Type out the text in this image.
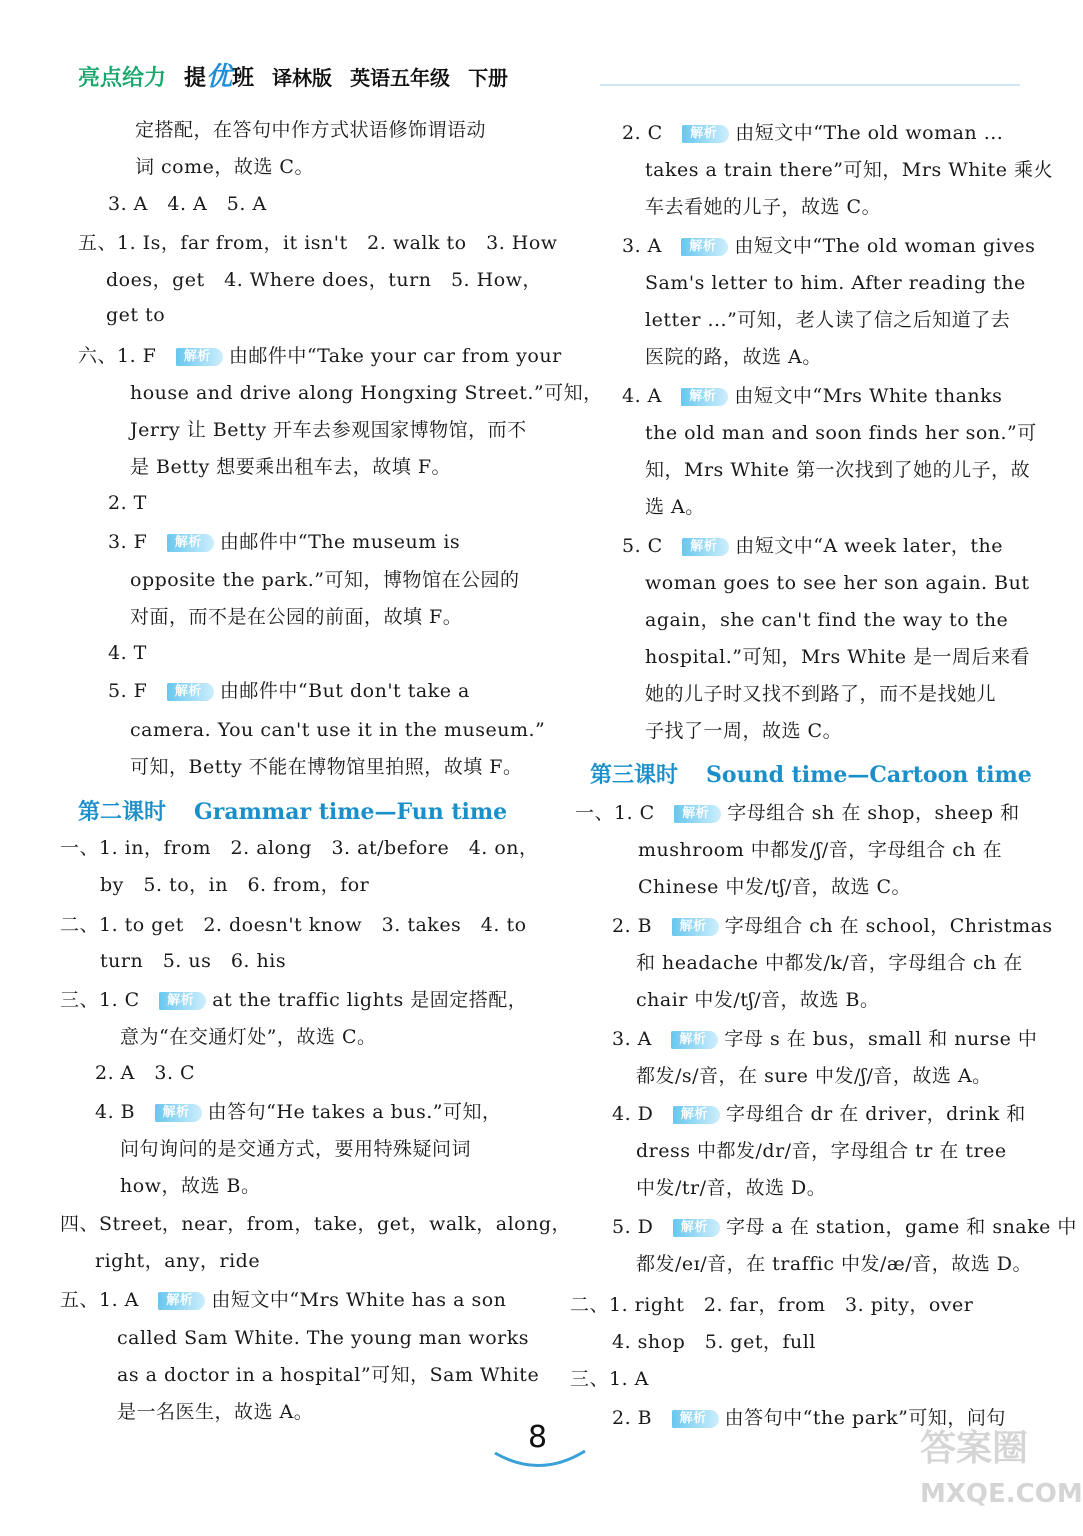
亮点给力 提优班 译林版 英语五年级 下册
定搭配，在答句中作方式状语修饰谓语动
词 come，故选 C。
3. A　4. A　5. A
五、1. Is，far from，it isn't　2. walk to　3. How
does，get　4. Where does，turn　5. How，
get to
六、1. F　 解析 由邮件中“Take your car from your
house and drive along Hongxing Street.”可知，
Jerry 让 Betty 开车去参观国家博物馆，而不
是 Betty 想要乘出租车去，故填 F。
2. T
3. F　 解析 由邮件中“The museum is
opposite the park.”可知，博物馆在公园的
对面，而不是在公园的前面，故填 F。
4. T
5. F　 解析 由邮件中“But don't take a
camera. You can't use it in the museum.”
可知，Betty 不能在博物馆里拍照，故填 F。
一、1. in，from　2. along　3. at/before　4. on，
by　5. to，in　6. from，for
二、1. to get　2. doesn't know　3. takes　4. to
turn　5. us　6. his
三、1. C　 解析 at the traffic lights 是固定搭配，
意为“在交通灯处”，故选 C。
2. A　3. C
4. B　 解析 由答句“He takes a bus.”可知，
问句询问的是交通方式，要用特殊疑问词
how，故选 B。
四、Street，near，from，take，get，walk，along，
right，any，ride
五、1. A　 解析 由短文中“Mrs White has a son
called Sam White. The young man works
as a doctor in a hospital”可知，Sam White
是一名医生，故选 A。
第二课时 Grammar time—Fun time
2. C　 解析 由短文中“The old woman ...
takes a train there”可知，Mrs White 乘火
车去看她的儿子，故选 C。
3. A　 解析 由短文中“The old woman gives
Sam's letter to him. After reading the
letter ...”可知，老人读了信之后知道了去
医院的路，故选 A。
4. A　 解析 由短文中“Mrs White thanks
the old man and soon finds her son.”可
知，Mrs White 第一次找到了她的儿子，故
选 A。
5. C　 解析 由短文中“A week later，the
woman goes to see her son again. But
again，she can't find the way to the
hospital.”可知，Mrs White 是一周后来看
她的儿子时又找不到路了，而不是找她儿
子找了一周，故选 C。
一、1. C　 解析 字母组合 sh 在 shop，sheep 和
mushroom 中都发/ʃ/音，字母组合 ch 在
Chinese 中发/tʃ/音，故选 C。
2. B　 解析 字母组合 ch 在 school，Christmas
和 headache 中都发/k/音，字母组合 ch 在
chair 中发/tʃ/音，故选 B。
3. A　 解析 字母 s 在 bus，small 和 nurse 中
都发/s/音，在 sure 中发/ʃ/音，故选 A。
4. D　 解析 字母组合 dr 在 driver，drink 和
dress 中都发/dr/音，字母组合 tr 在 tree
中发/tr/音，故选 D。
5. D　 解析 字母 a 在 station，game 和 snake 中
都发/eɪ/音，在 traffic 中发/æ/音，故选 D。
二、1. right　2. far，from　3. pity，over
4. shop　5. get，full
三、1. A
2. B　 解析 由答句中“the park”可知，问句
第三课时 Sound time—Cartoon time
8	答案圈
MXQE.COM
